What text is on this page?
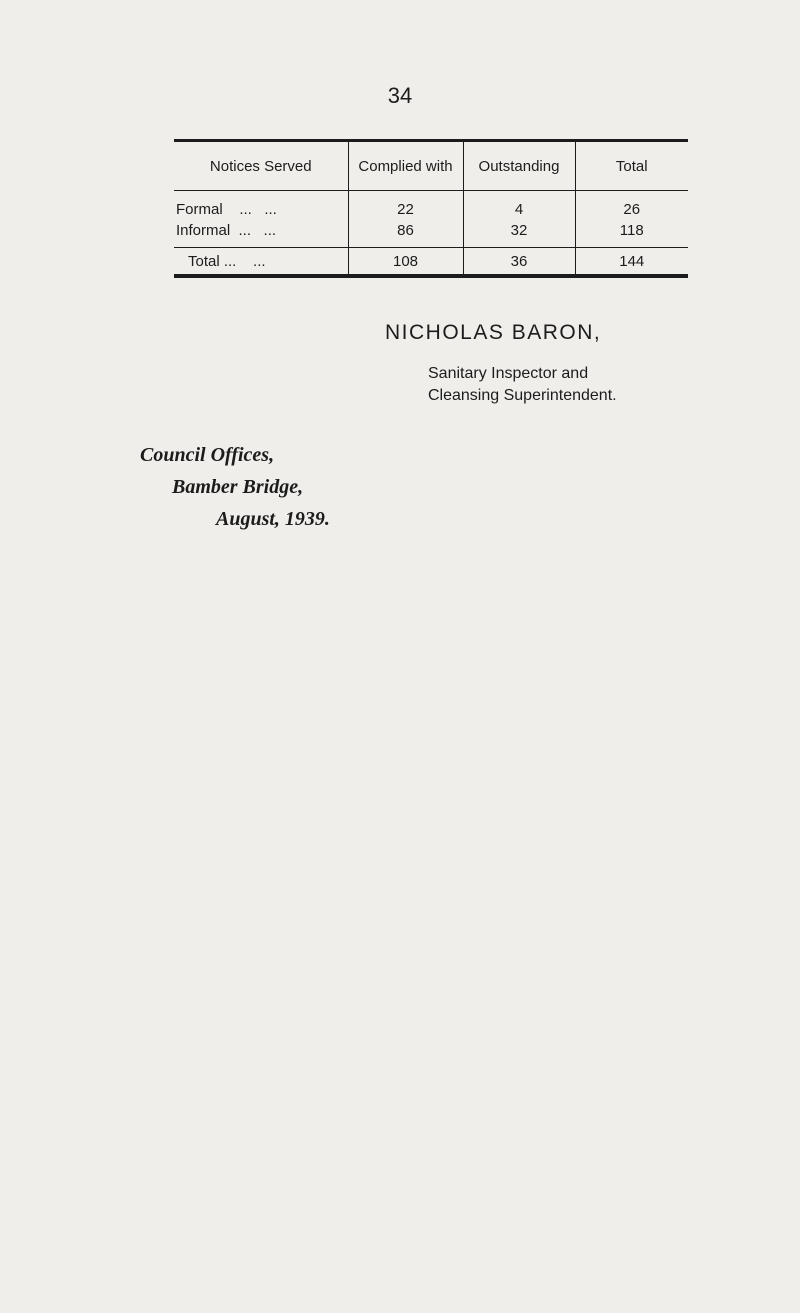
34
Notices Served	Complied with	Outstanding	Total
Formal    ...   ...	22	4	26
Informal  ...   ...	86	32	118
Total ...    ...	108	36	144
NICHOLAS BARON,
Sanitary Inspector and
Cleansing Superintendent.
Council Offices,
Bamber Bridge,
August, 1939.
